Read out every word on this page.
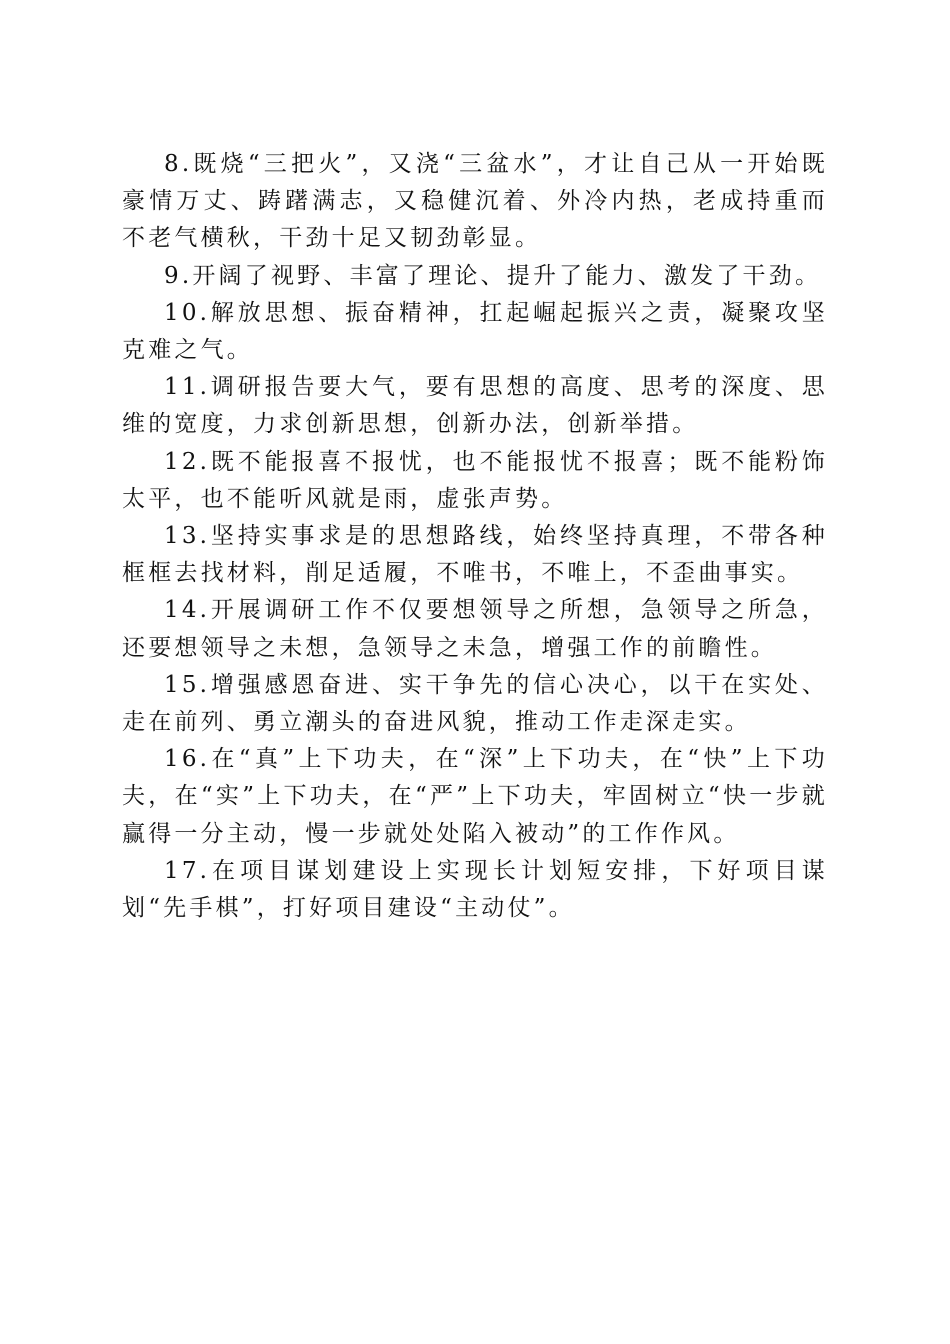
8.既烧“三把火”，又浇“三盆水”，才让自己从一开始既豪情万丈、踌躇满志，又稳健沉着、外冷内热，老成持重而不老气横秋，干劲十足又韧劲彰显。

9.开阔了视野、丰富了理论、提升了能力、激发了干劲。

10.解放思想、振奋精神，扛起崛起振兴之责，凝聚攻坚克难之气。

11.调研报告要大气，要有思想的高度、思考的深度、思维的宽度，力求创新思想，创新办法，创新举措。

12.既不能报喜不报忧，也不能报忧不报喜；既不能粉饰太平，也不能听风就是雨，虚张声势。

13.坚持实事求是的思想路线，始终坚持真理，不带各种框框去找材料，削足适履，不唯书，不唯上，不歪曲事实。

14.开展调研工作不仅要想领导之所想，急领导之所急，还要想领导之未想，急领导之未急，增强工作的前瞻性。

15.增强感恩奋进、实干争先的信心决心，以干在实处、走在前列、勇立潮头的奋进风貌，推动工作走深走实。

16.在“真”上下功夫，在“深”上下功夫，在“快”上下功夫，在“实”上下功夫，在“严”上下功夫，牢固树立“快一步就赢得一分主动，慢一步就处处陷入被动”的工作作风。

17.在项目谋划建设上实现长计划短安排，下好项目谋划“先手棋”，打好项目建设“主动仗”。
